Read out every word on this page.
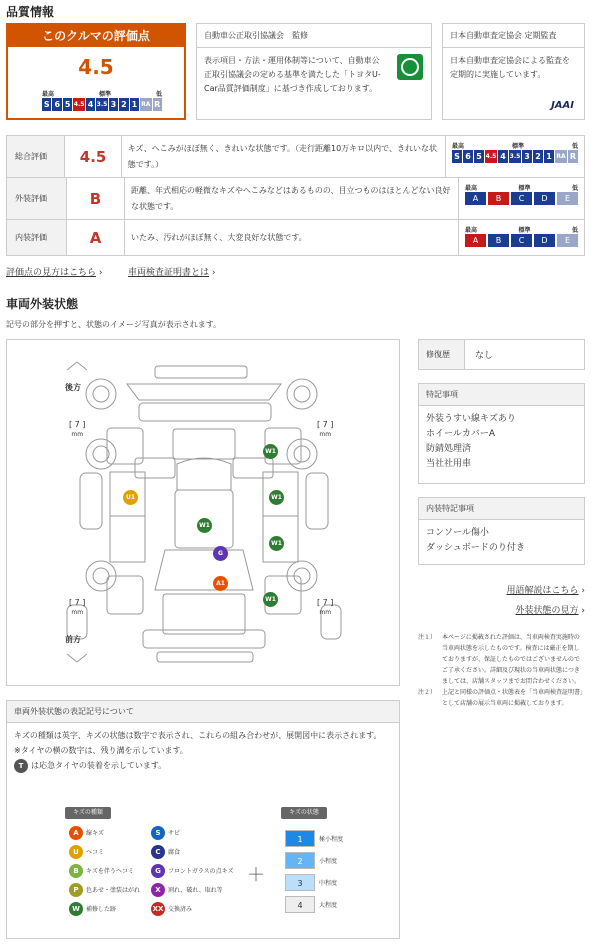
品質情報
このクルマの評価点
4.5
最高	標準	低
S 6 5 4.5 4 3.5 3 2 1 RA R
自動車公正取引協議会　監修
表示項目・方法・運用体制等について、自動車公正取引協議会の定める基準を満たした「トヨタU-Car品質評価制度」に基づき作成しております。
日本自動車査定協会 定期監査
日本自動車査定協会による監査を定期的に実施しています。
JAAI
総合評価	4.5	キズ、へこみがほぼ無く、きれいな状態です。（走行距離10万キロ以内で、きれいな状態です。）
最高	標準	低
S 6 5 4.5 4 3.5 3 2 1 RA R
外装評価	B	距離、年式相応の軽微なキズやへこみなどはあるものの、目立つものはほとんどない良好な状態です。
最高	標準	低
A	B	C	D	E
内装評価	A	いたみ、汚れがほぼ無く、大変良好な状態です。
最高	標準	低
A	B	C	D	E
評価点の見方はこちら ›	車両検査証明書とは ›
車両外装状態
記号の部分を押すと、状態のイメージ写真が表示されます。
後方
前方
[ 7 ]
mm
[ 7 ]
mm
[ 7 ]
mm
[ 7 ]
mm
W1
U1	W1
W1
W1
G
A1
W1
修復歴	なし
特記事項
外装うすい線キズあり
ホイールカバーA
防錆処理済
当社社用車
内装特記事項
コンソール傷小
ダッシュボードのり付き
用語解説はこちら ›
外装状態の見方 ›
注１） 本ページに掲載された評価は、当車両検査実施時の当車両状態を示したものです。検査には厳正を期しておりますが、保証したものではございませんのでご了承ください。詳細及び現状の当車両状態につきましては、店舗スタッフまでお問合わせください。
注２） 上記と同様の評価点・状態表を「当車両検査証明書」として店舗の展示当車両に掲載しております。
車両外装状態の表記記号について
キズの種類は英字、キズの状態は数字で表示され、これらの組み合わせが、展開図中に表示されます。
※タイヤの横の数字は、残り溝を示しています。
T は応急タイヤの装着を示しています。
キズの種類
A	線キズ
U	ヘコミ
B	キズを伴うヘコミ
P	色あせ・塗装はがれ
W	補修した跡
S	サビ
C	腐食
G	フロントガラスの点キズ
X	割れ、破れ、取れ等
XX 交換済み
＋
キズの状態
1	極小程度
2	小程度
3	中程度
4	大程度
